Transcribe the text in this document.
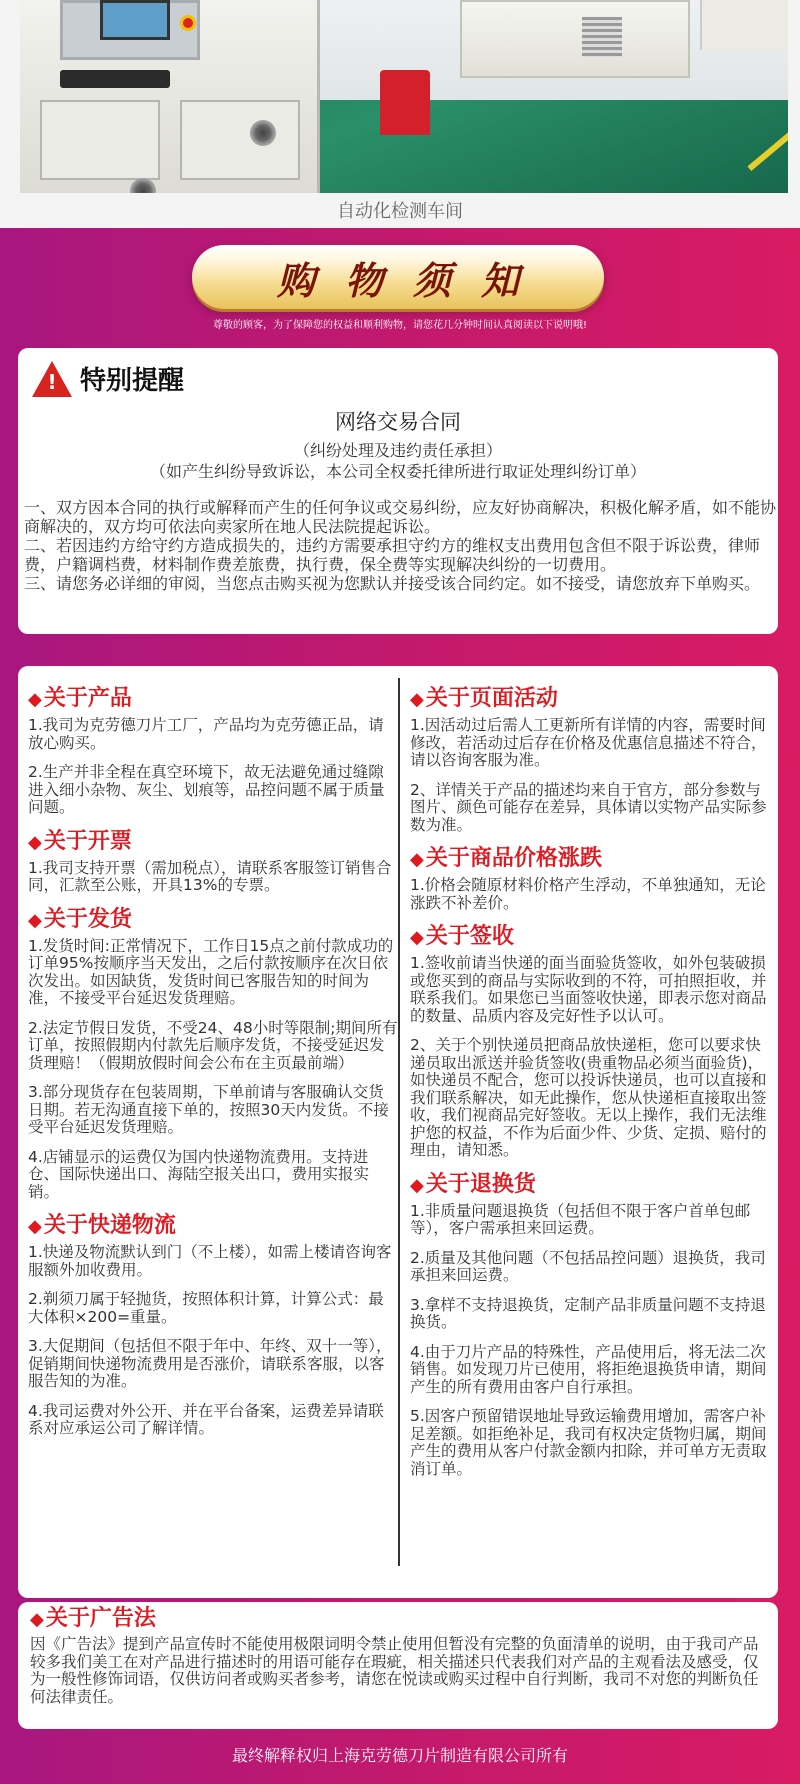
自动化检测车间
购物须知
尊敬的顾客，为了保障您的权益和顺利购物，请您花几分钟时间认真阅读以下说明哦!
! 特别提醒
网络交易合同
（纠纷处理及违约责任承担）
（如产生纠纷导致诉讼，本公司全权委托律所进行取证处理纠纷订单）

一、双方因本合同的执行或解释而产生的任何争议或交易纠纷，应友好协商解决，积极化解矛盾，如不能协商解决的，双方均可依法向卖家所在地人民法院提起诉讼。

二、若因违约方给守约方造成损失的，违约方需要承担守约方的维权支出费用包含但不限于诉讼费，律师费，户籍调档费，材料制作费差旅费，执行费，保全费等实现解决纠纷的一切费用。

三、请您务必详细的审阅，当您点击购买视为您默认并接受该合同约定。如不接受，请您放弃下单购买。

◆关于产品
1.我司为克劳德刀片工厂，产品均为克劳德正品，请放心购买。
2.生产并非全程在真空环境下，故无法避免通过缝隙进入细小杂物、灰尘、划痕等，品控问题不属于质量问题。
◆关于开票
1.我司支持开票（需加税点），请联系客服签订销售合同，汇款至公账，开具13%的专票。
◆关于发货
1.发货时间:正常情况下，工作日15点之前付款成功的订单95%按顺序当天发出，之后付款按顺序在次日依次发出。如因缺货，发货时间已客服告知的时间为准，不接受平台延迟发货理赔。
2.法定节假日发货，不受24、48小时等限制;期间所有订单，按照假期内付款先后顺序发货，不接受延迟发货理赔！（假期放假时间会公布在主页最前端）
3.部分现货存在包装周期，下单前请与客服确认交货日期。若无沟通直接下单的，按照30天内发货。不接受平台延迟发货理赔。
4.店铺显示的运费仅为国内快递物流费用。支持进仓、国际快递出口、海陆空报关出口，费用实报实销。
◆关于快递物流
1.快递及物流默认到门（不上楼），如需上楼请咨询客服额外加收费用。
2.剃须刀属于轻抛货，按照体积计算，计算公式：最大体积×200=重量。
3.大促期间（包括但不限于年中、年终、双十一等），促销期间快递物流费用是否涨价，请联系客服，以客服告知的为准。
4.我司运费对外公开、并在平台备案，运费差异请联系对应承运公司了解详情。
◆关于页面活动
1.因活动过后需人工更新所有详情的内容，需要时间修改，若活动过后存在价格及优惠信息描述不符合，请以咨询客服为准。
2、详情关于产品的描述均来自于官方，部分参数与图片、颜色可能存在差异，具体请以实物产品实际参数为准。
◆关于商品价格涨跌
1.价格会随原材料价格产生浮动，不单独通知，无论涨跌不补差价。
◆关于签收
1.签收前请当快递的面当面验货签收，如外包装破损或您买到的商品与实际收到的不符，可拍照拒收，并联系我们。如果您已当面签收快递，即表示您对商品的数量、品质内容及完好性予以认可。
2、关于个别快递员把商品放快递柜，您可以要求快递员取出派送并验货签收(贵重物品必须当面验货)，如快递员不配合，您可以投诉快递员，也可以直接和我们联系解决，如无此操作，您从快递柜直接取出签收，我们视商品完好签收。无以上操作，我们无法维护您的权益，不作为后面少件、少货、定损、赔付的理由，请知悉。
◆关于退换货
1.非质量问题退换货（包括但不限于客户首单包邮等），客户需承担来回运费。
2.质量及其他问题（不包括品控问题）退换货，我司承担来回运费。
3.拿样不支持退换货，定制产品非质量问题不支持退换货。
4.由于刀片产品的特殊性，产品使用后，将无法二次销售。如发现刀片已使用，将拒绝退换货申请，期间产生的所有费用由客户自行承担。
5.因客户预留错误地址导致运输费用增加，需客户补足差额。如拒绝补足，我司有权决定货物归属，期间产生的费用从客户付款金额内扣除，并可单方无责取消订单。
◆关于广告法
因《广告法》提到产品宣传时不能使用极限词明令禁止使用但暂没有完整的负面清单的说明，由于我司产品较多我们美工在对产品进行描述时的用语可能存在瑕疵，相关描述只代表我们对产品的主观看法及感受，仅为一般性修饰词语，仅供访问者或购买者参考，请您在悦读或购买过程中自行判断，我司不对您的判断负任何法律责任。
最终解释权归上海克劳德刀片制造有限公司所有
